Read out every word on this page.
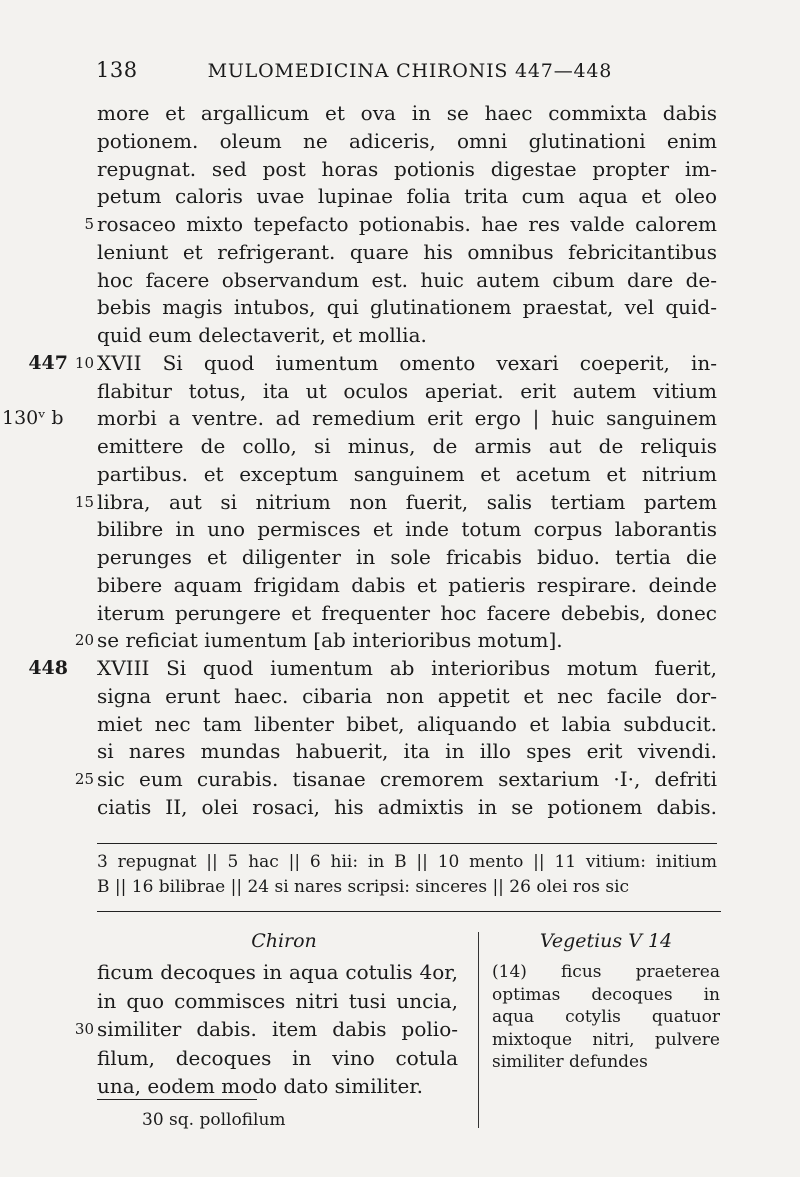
138	MULOMEDICINA CHIRONIS 447—448
more et argallicum et ova in se haec commixta dabis
potionem. oleum ne adiceris, omni glutinationi enim
repugnat. sed post horas potionis digestae propter im-
petum caloris uvae lupinae folia trita cum aqua et oleo
5 rosaceo mixto tepefacto potionabis. hae res valde calorem
leniunt et refrigerant. quare his omnibus febricitantibus
hoc facere observandum est. huic autem cibum dare de-
bebis magis intubos, qui glutinationem praestat, vel quid-
quid eum delectaverit, et mollia.
447 10 XVII Si quod iumentum omento vexari coeperit, in-
flabitur totus, ita ut oculos aperiat. erit autem vitium
130ᵛ b	morbi a ventre. ad remedium erit ergo | huic sanguinem
emittere de collo, si minus, de armis aut de reliquis
partibus. et exceptum sanguinem et acetum et nitrium
15 libra, aut si nitrium non fuerit, salis tertiam partem
bilibre in uno permisces et inde totum corpus laborantis
perunges et diligenter in sole fricabis biduo. tertia die
bibere aquam frigidam dabis et patieris respirare. deinde
iterum perungere et frequenter hoc facere debebis, donec
20 se reficiat iumentum [ab interioribus motum].
448 XVIII Si quod iumentum ab interioribus motum fuerit,
signa erunt haec. cibaria non appetit et nec facile dor-
miet nec tam libenter bibet, aliquando et labia subducit.
si nares mundas habuerit, ita in illo spes erit vivendi.
25 sic eum curabis. tisanae cremorem sextarium ·I·, defriti
ciatis II, olei rosaci, his admixtis in se potionem dabis.
3 repugnat || 5 hac || 6 hii: in B || 10 mento || 11 vitium: initium
B || 16 bilibrae || 24 si nares scripsi: sinceres || 26 olei ros sic
Chiron	Vegetius V 14
ficum decoques in aqua cotulis 4or,
in quo commisces nitri tusi uncia,
30 similiter dabis. item dabis polio-
filum, decoques in vino cotula
una, eodem modo dato similiter.
(14) ficus praeterea
optimas decoques in
aqua cotylis quatuor
mixtoque nitri, pulvere
similiter defundes
30 sq. pollofilum
